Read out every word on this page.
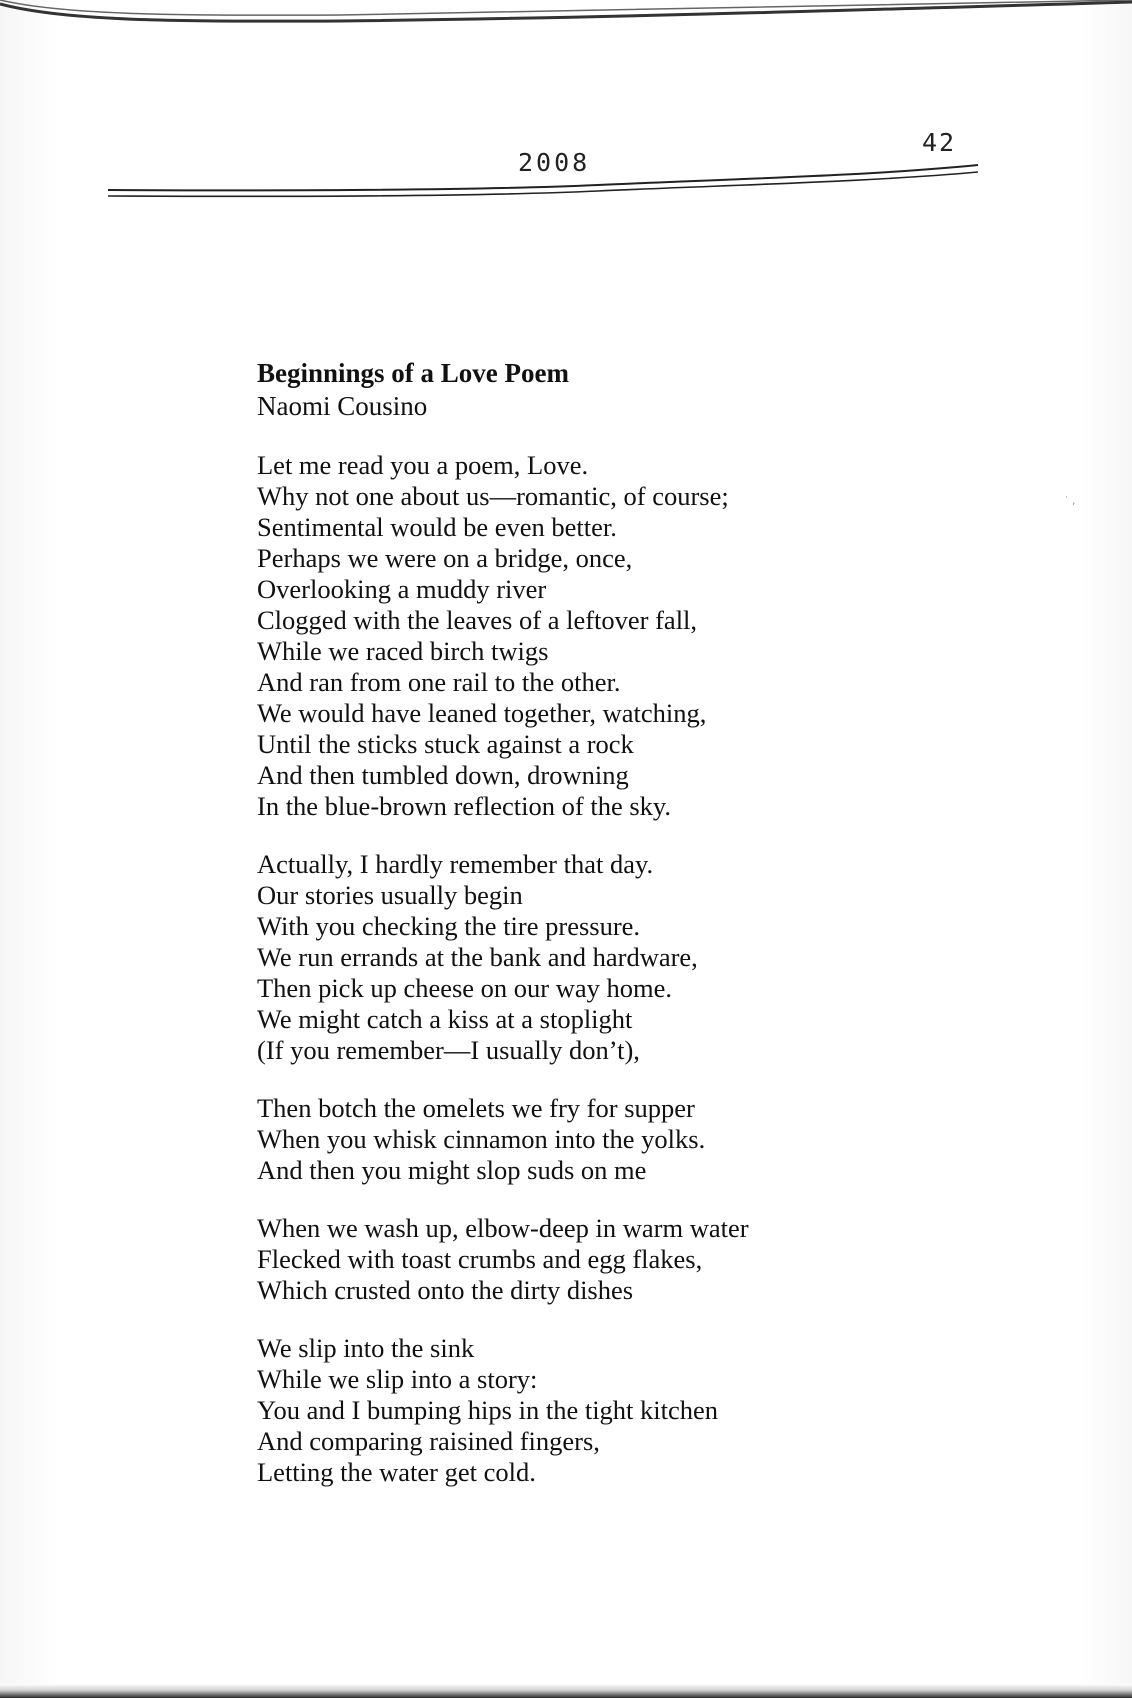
2008
42
˙ ,

Beginnings of a Love Poem

Naomi Cousino

Let me read you a poem, Love.
Why not one about us—romantic, of course;
Sentimental would be even better.
Perhaps we were on a bridge, once,
Overlooking a muddy river
Clogged with the leaves of a leftover fall,
While we raced birch twigs
And ran from one rail to the other.
We would have leaned together, watching,
Until the sticks stuck against a rock
And then tumbled down, drowning
In the blue-brown reflection of the sky.
Actually, I hardly remember that day.
Our stories usually begin
With you checking the tire pressure.
We run errands at the bank and hardware,
Then pick up cheese on our way home.
We might catch a kiss at a stoplight
(If you remember—I usually don’t),
Then botch the omelets we fry for supper
When you whisk cinnamon into the yolks.
And then you might slop suds on me
When we wash up, elbow-deep in warm water
Flecked with toast crumbs and egg flakes,
Which crusted onto the dirty dishes
We slip into the sink
While we slip into a story:
You and I bumping hips in the tight kitchen
And comparing raisined fingers,
Letting the water get cold.
